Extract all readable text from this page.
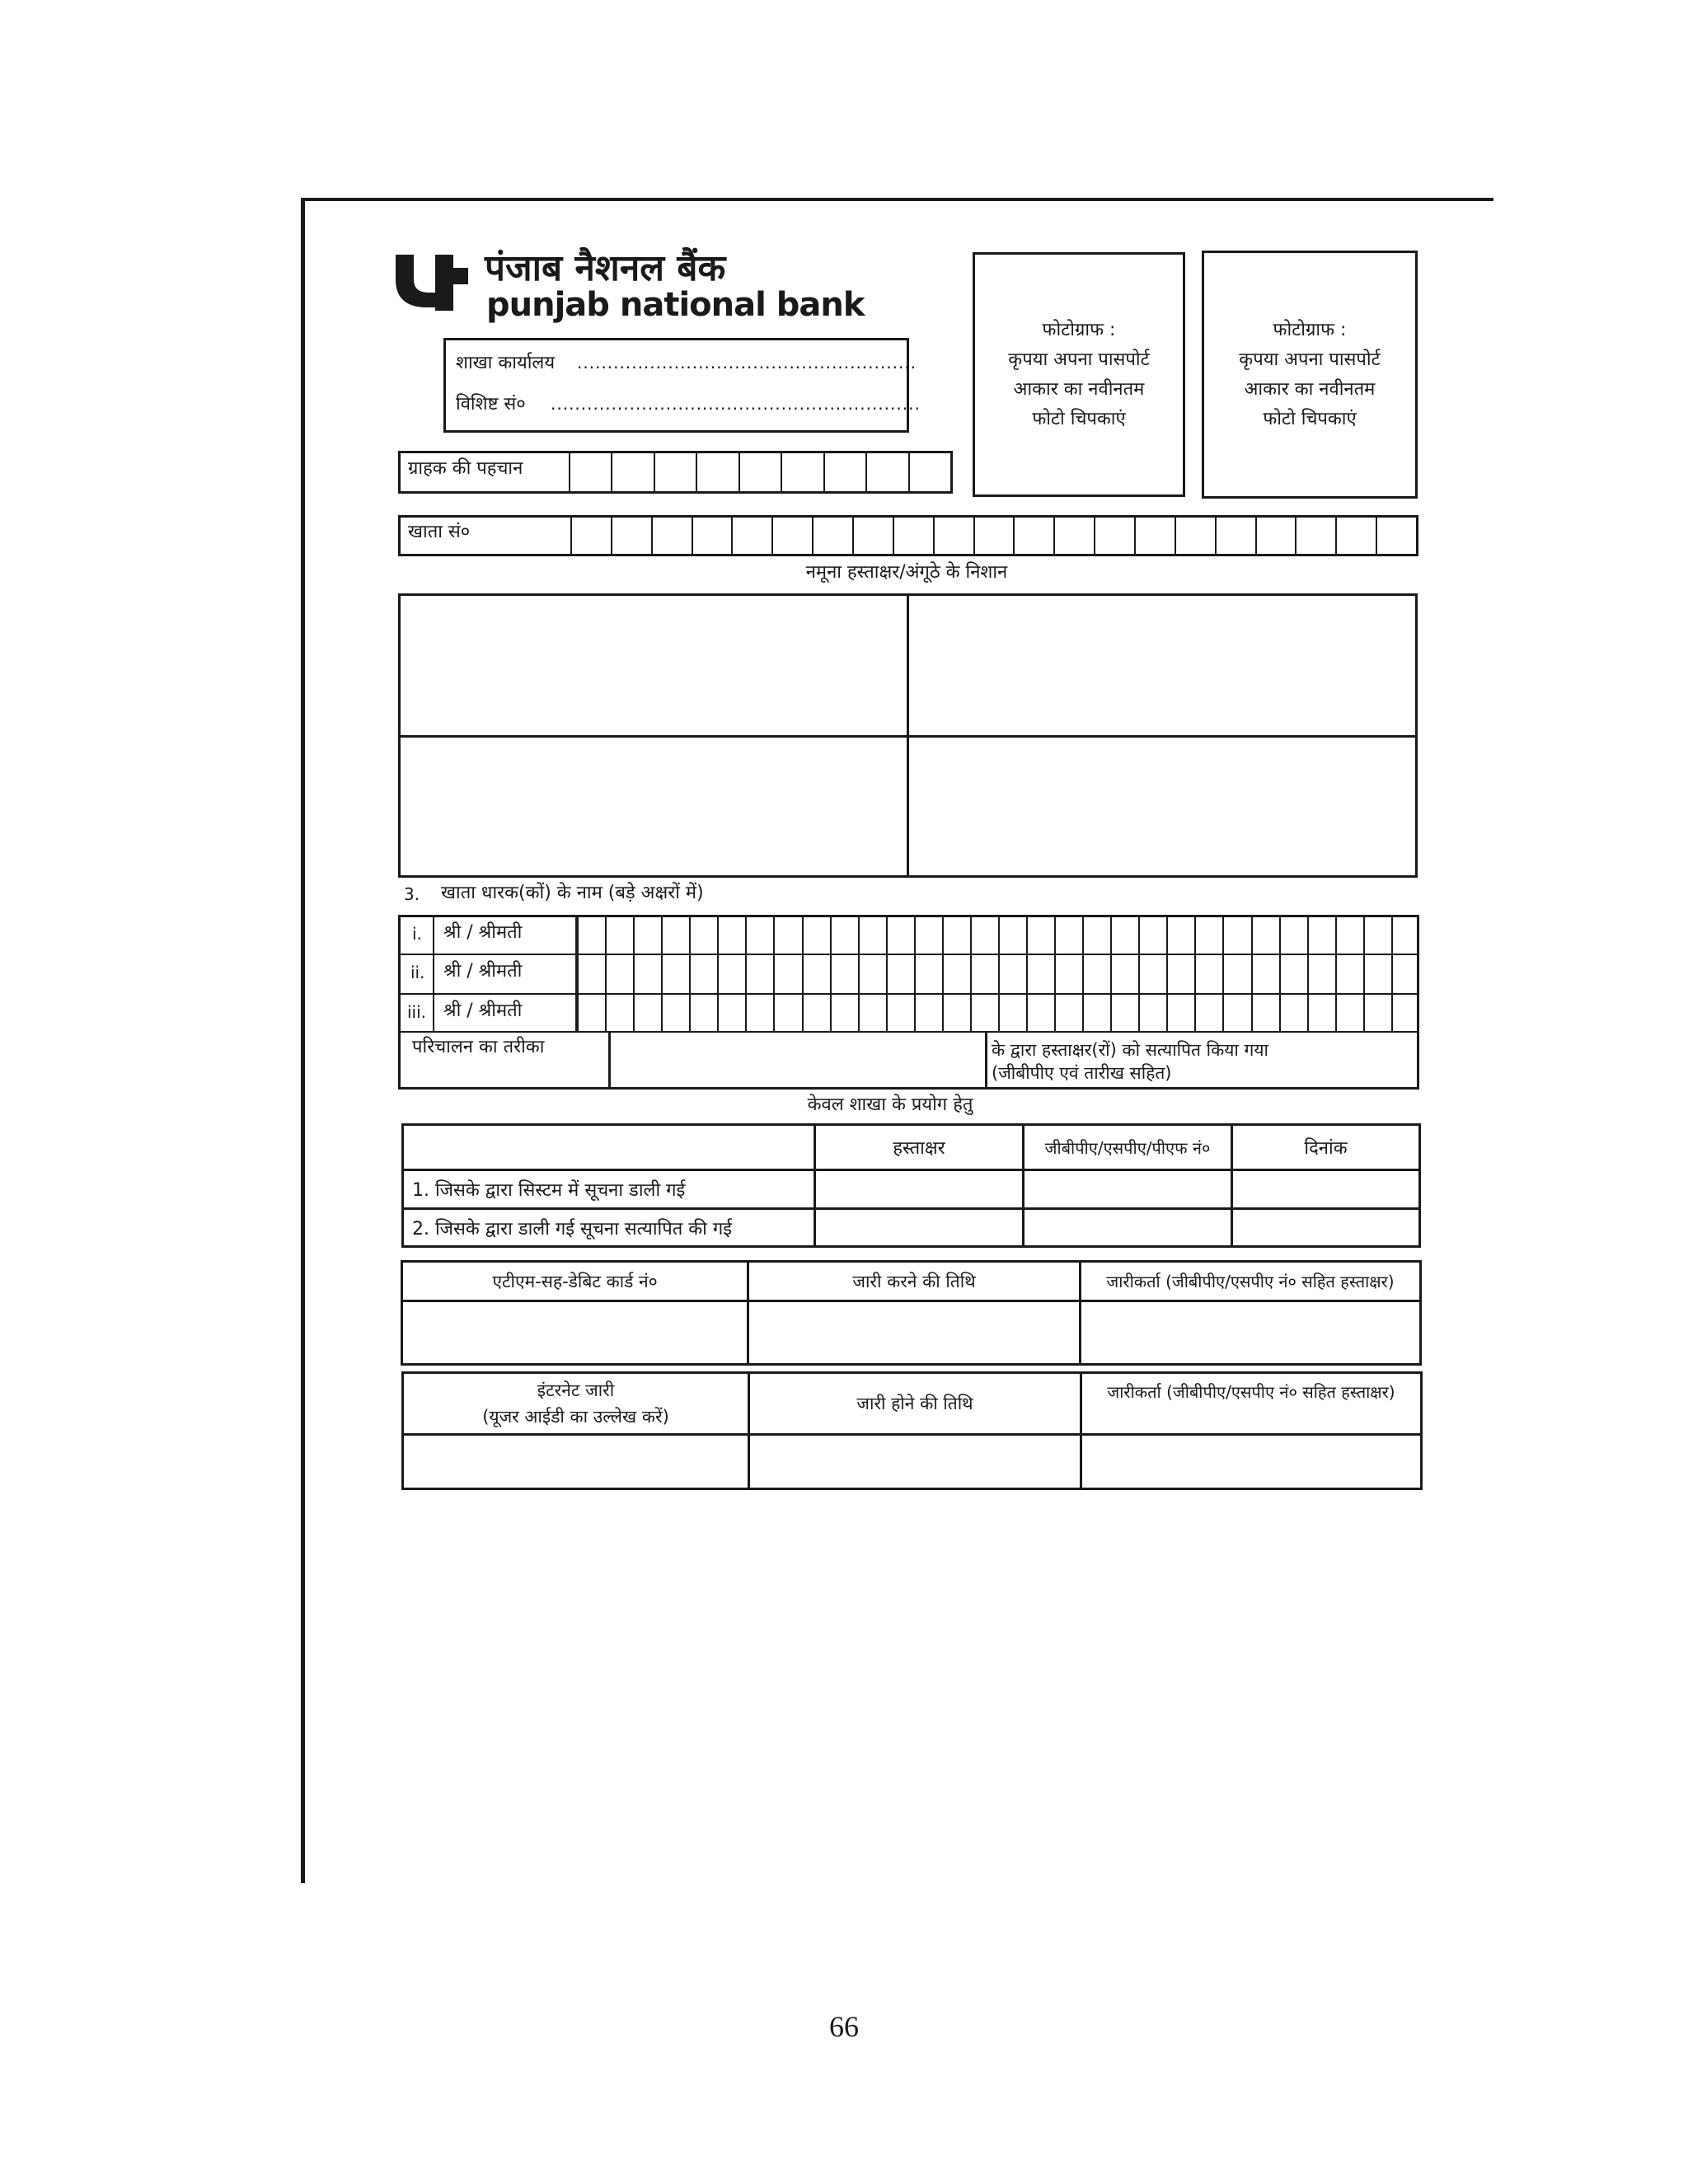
पंजाब नैशनल बैंक
punjab national bank
शाखा कार्यालय ........................................................
विशिष्ट सं० .............................................................
फोटोग्राफ :
कृपया अपना पासपोर्ट
आकार का नवीनतम
फोटो चिपकाएं
फोटोग्राफ :
कृपया अपना पासपोर्ट
आकार का नवीनतम
फोटो चिपकाएं
ग्राहक की पहचान
खाता सं०
नमूना हस्ताक्षर/अंगूठे के निशान

3. खाता धारक(कों) के नाम (बड़े अक्षरों में)
i. श्री / श्रीमती
ii. श्री / श्रीमती
iii. श्री / श्रीमती
परिचालन का तरीका	के द्वारा हस्ताक्षर(रों) को सत्यापित किया गया
(जीबीपीए एवं तारीख सहित)
केवल शाखा के प्रयोग हेतु
	हस्ताक्षर	जीबीपीए/एसपीए/पीएफ नं०	दिनांक
1. जिसके द्वारा सिस्टम में सूचना डाली गई			
2. जिसके द्वारा डाली गई सूचना सत्यापित की गई			
एटीएम-सह-डेबिट कार्ड नं०	जारी करने की तिथि	जारीकर्ता (जीबीपीए/एसपीए नं० सहित हस्ताक्षर)

इंटरनेट जारी
(यूजर आईडी का उल्लेख करें)	जारी होने की तिथि	जारीकर्ता (जीबीपीए/एसपीए नं० सहित हस्ताक्षर)

66
